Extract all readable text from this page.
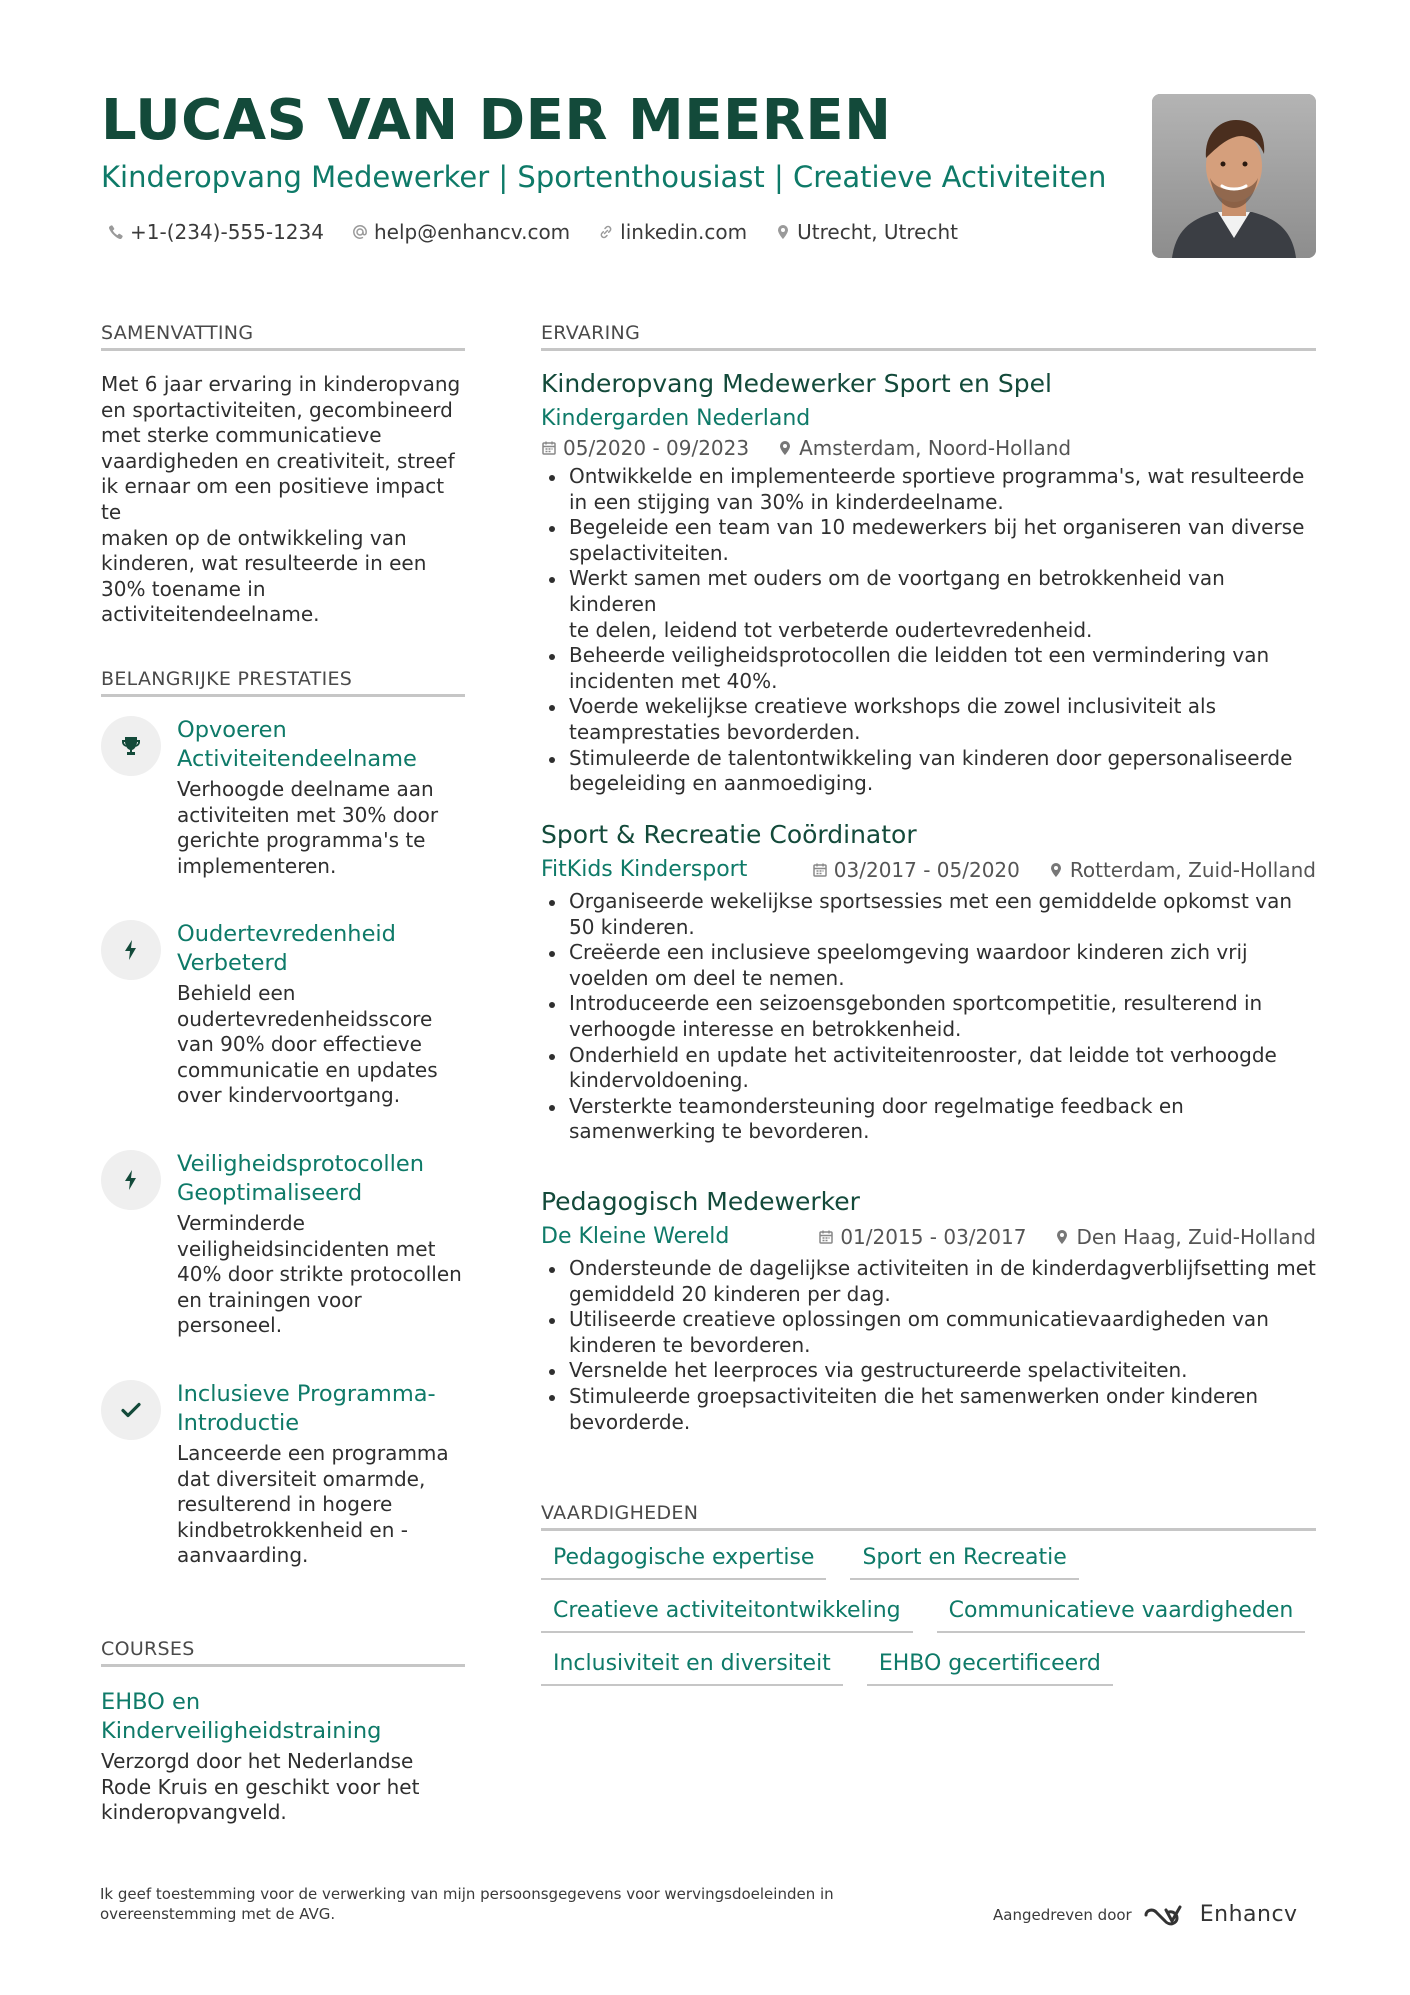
LUCAS VAN DER MEEREN
Kinderopvang Medewerker | Sportenthousiast | Creatieve Activiteiten
+1-(234)-555-1234	help@enhancv.com	linkedin.com	Utrecht, Utrecht
SAMENVATTING
Met 6 jaar ervaring in kinderopvang
en sportactiviteiten, gecombineerd
met sterke communicatieve
vaardigheden en creativiteit, streef
ik ernaar om een positieve impact te
maken op de ontwikkeling van
kinderen, wat resulteerde in een
30% toename in
activiteitendeelname.
BELANGRIJKE PRESTATIES
Opvoeren
Activiteitendeelname
Verhoogde deelname aan
activiteiten met 30% door
gerichte programma's te
implementeren.
Oudertevredenheid
Verbeterd
Behield een
oudertevredenheidsscore
van 90% door effectieve
communicatie en updates
over kindervoortgang.
Veiligheidsprotocollen
Geoptimaliseerd
Verminderde
veiligheidsincidenten met
40% door strikte protocollen
en trainingen voor
personeel.
Inclusieve Programma-
Introductie
Lanceerde een programma
dat diversiteit omarmde,
resulterend in hogere
kindbetrokkenheid en -
aanvaarding.
COURSES
EHBO en
Kinderveiligheidstraining
Verzorgd door het Nederlandse
Rode Kruis en geschikt voor het
kinderopvangveld.
ERVARING
Kinderopvang Medewerker Sport en Spel
Kindergarden Nederland
05/2020 - 09/2023	Amsterdam, Noord-Holland
Ontwikkelde en implementeerde sportieve programma's, wat resulteerde
in een stijging van 30% in kinderdeelname.
Begeleide een team van 10 medewerkers bij het organiseren van diverse
spelactiviteiten.
Werkt samen met ouders om de voortgang en betrokkenheid van kinderen
te delen, leidend tot verbeterde oudertevredenheid.
Beheerde veiligheidsprotocollen die leidden tot een vermindering van
incidenten met 40%.
Voerde wekelijkse creatieve workshops die zowel inclusiviteit als
teamprestaties bevorderden.
Stimuleerde de talentontwikkeling van kinderen door gepersonaliseerde
begeleiding en aanmoediging.
Sport & Recreatie Coördinator
FitKids Kindersport	03/2017 - 05/2020	Rotterdam, Zuid-Holland
Organiseerde wekelijkse sportsessies met een gemiddelde opkomst van
50 kinderen.
Creëerde een inclusieve speelomgeving waardoor kinderen zich vrij
voelden om deel te nemen.
Introduceerde een seizoensgebonden sportcompetitie, resulterend in
verhoogde interesse en betrokkenheid.
Onderhield en update het activiteitenrooster, dat leidde tot verhoogde
kindervoldoening.
Versterkte teamondersteuning door regelmatige feedback en
samenwerking te bevorderen.
Pedagogisch Medewerker
De Kleine Wereld	01/2015 - 03/2017	Den Haag, Zuid-Holland
Ondersteunde de dagelijkse activiteiten in de kinderdagverblijfsetting met
gemiddeld 20 kinderen per dag.
Utiliseerde creatieve oplossingen om communicatievaardigheden van
kinderen te bevorderen.
Versnelde het leerproces via gestructureerde spelactiviteiten.
Stimuleerde groepsactiviteiten die het samenwerken onder kinderen
bevorderde.
VAARDIGHEDEN
Pedagogische expertise	Sport en Recreatie
Creatieve activiteitontwikkeling	Communicatieve vaardigheden
Inclusiviteit en diversiteit	EHBO gecertificeerd
Ik geef toestemming voor de verwerking van mijn persoonsgegevens voor wervingsdoeleinden in
overeenstemming met de AVG.	Aangedreven door	Enhancv
